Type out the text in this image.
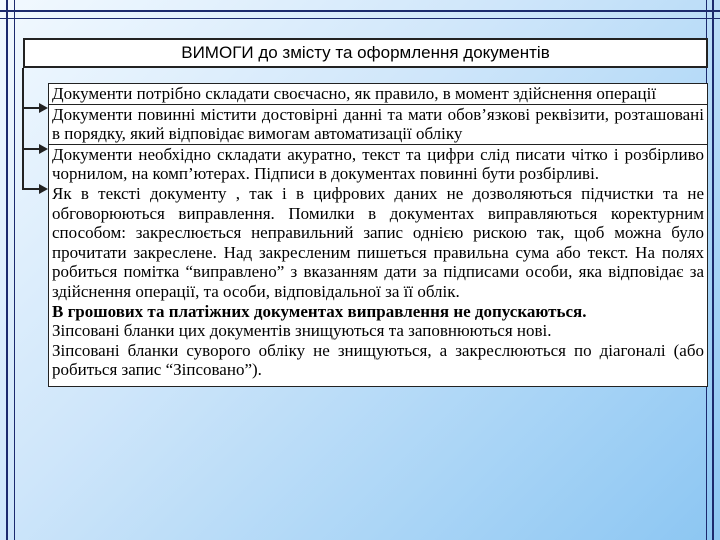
ВИМОГИ до змісту та оформлення документів
Документи потрібно складати своєчасно, як правило, в момент здійснення операції
Документи повинні містити достовірні данні та мати обов’язкові реквізити, розташовані в порядку, який відповідає вимогам автоматизації обліку
Документи необхідно складати акуратно, текст та цифри слід писати чітко і розбірливо чорнилом, на комп’ютерах. Підписи в документах повинні бути розбірливі.
Як в тексті документу , так і в цифрових даних не дозволяються підчистки та не обговорюються виправлення. Помилки в документах виправляються коректурним способом: закреслюється неправильний запис однією рискою так, щоб можна було прочитати закреслене. Над закресленим пишеться правильна сума або текст. На полях робиться помітка “виправлено” з вказанням дати за підписами особи, яка відповідає за здійснення операції, та особи, відповідальної за її облік.
В грошових та платіжних документах виправлення не допускаються.
Зіпсовані бланки цих документів знищуються та заповнюються нові.
Зіпсовані бланки суворого обліку не знищуються, а закреслюються по діагоналі (або робиться запис “Зіпсовано”).
